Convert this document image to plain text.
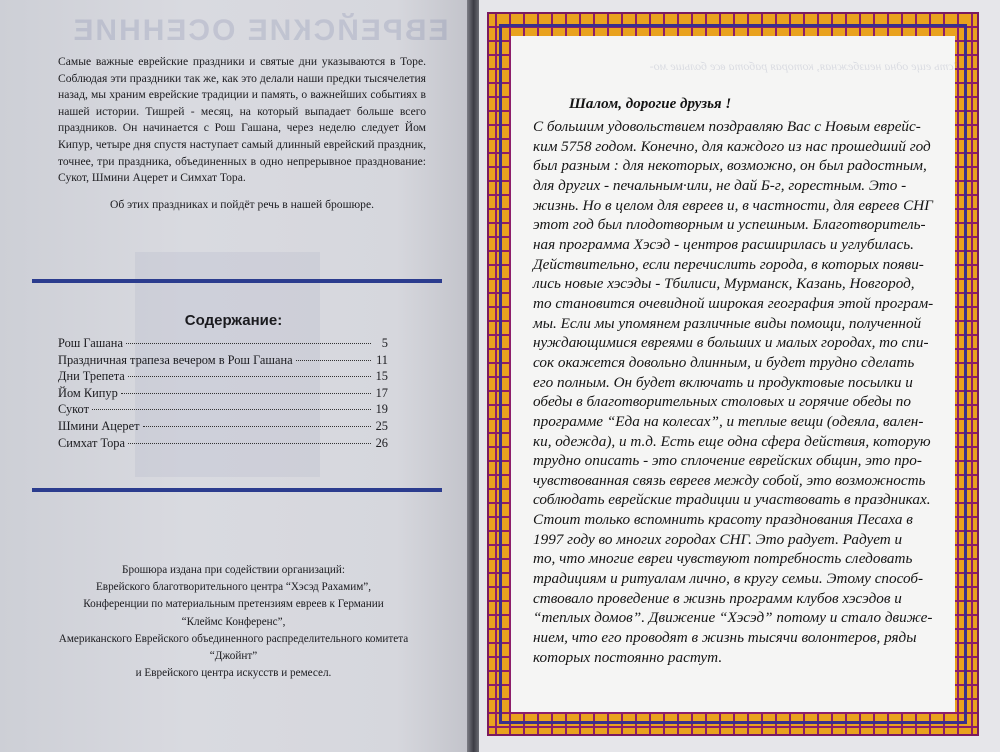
ЕВРЕЙСКИЕ ОСЕННИЕ

Самые важные еврейские праздники и святые дни указываются в Торе. Соблюдая эти праздники так же, как это делали наши предки тысячелетия назад, мы храним еврейские традиции и память, о важнейших событиях в нашей истории. Тишрей - месяц, на который выпадает больше всего праздников. Он начинается с Рош Гашана, через неделю следует Йом Кипур, четыре дня спустя наступает самый длинный еврейский праздник, точнее, три праздника, объединенных в одно непрерывное празднование: Сукот, Шмини Ацерет и Симхат Тора.

Об этих праздниках и пойдёт речь в нашей брошюре.

Содержание:
Рош Гашана	5
Праздничная трапеза вечером в Рош Гашана	11
Дни Трепета	15
Йом Кипур	17
Сукот	19
Шмини Ацерет	25
Симхат Тора	26
Брошюра издана при содействии организаций:
Еврейского благотворительного центра “Хэсэд Рахамим”,
Конференции по материальным претензиям евреев к Германии
“Клеймс Конференс”,
Американского Еврейского объединенного распределительного комитета
“Джойнт”
и Еврейского центра искусств и ремесел.
Есть еще одна неизбежная, которая работа все больше мо-
Шалом, дорогие друзья !
С большим удовольствием поздравляю Вас с Новым еврейс-
ким 5758 годом. Конечно, для каждого из нас прошедший год
был разным : для некоторых, возможно, он был радостным,
для других - печальным·или, не дай Б-г, горестным. Это -
жизнь. Но в целом для евреев и, в частности, для евреев СНГ
этот год был плодотворным и успешным. Благотворитель-
ная программа Хэсэд - центров расширилась и углубилась.
Действительно, если перечислить города, в которых появи-
лись новые хэсэды - Тбилиси, Мурманск, Казань, Новгород,
то становится очевидной широкая география этой програм-
мы. Если мы упомянем различные виды помощи, полученной
нуждающимися евреями в больших и малых городах, то спи-
сок окажется довольно длинным, и будет трудно сделать
его полным. Он будет включать и продуктовые посылки и
обеды в благотворительных столовых и горячие обеды по
программе “Еда на колесах”, и теплые вещи (одеяла, вален-
ки, одежда), и т.д. Есть еще одна сфера действия, которую
трудно описать - это сплочение еврейских общин, это про-
чувствованная связь евреев между собой, это возможность
соблюдать еврейские традиции и участвовать в праздниках.
Стоит только вспомнить красоту празднования Песаха в
1997 году во многих городах СНГ. Это радует. Радует и
то, что многие евреи чувствуют потребность следовать
традициям и ритуалам лично, в кругу семьи. Этому способ-
ствовало проведение в жизнь программ клубов хэсэдов и
“теплых домов”. Движение “Хэсэд” потому и стало движе-
нием, что его проводят в жизнь тысячи волонтеров, ряды
которых постоянно растут.
